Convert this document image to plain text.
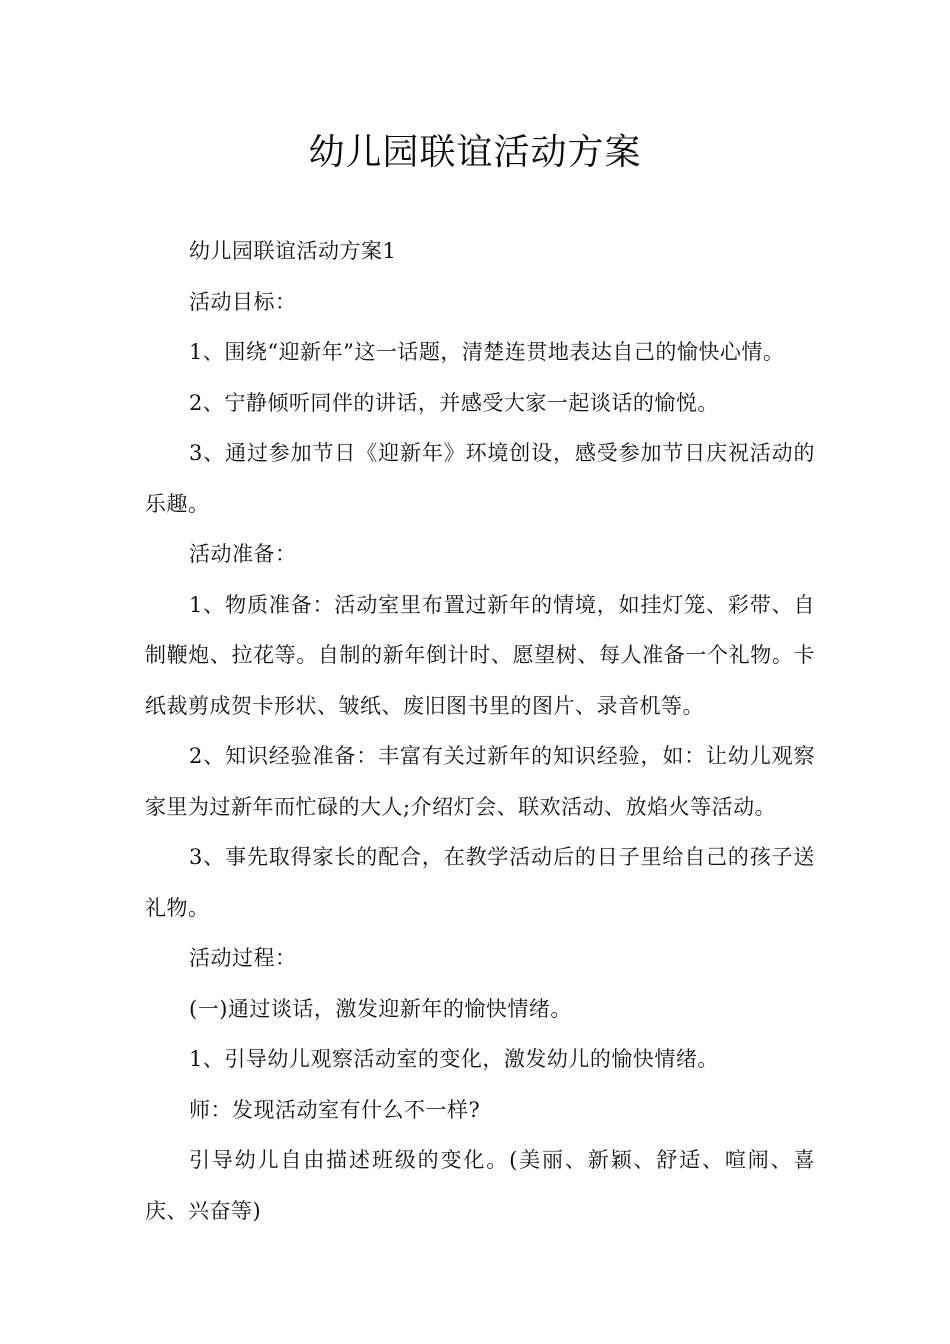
幼儿园联谊活动方案

幼儿园联谊活动方案1

活动目标：

1、围绕“迎新年”这一话题，清楚连贯地表达自己的愉快心情。

2、宁静倾听同伴的讲话，并感受大家一起谈话的愉悦。

3、通过参加节日《迎新年》环境创设，感受参加节日庆祝活动的乐趣。

活动准备：

1、物质准备：活动室里布置过新年的情境，如挂灯笼、彩带、自制鞭炮、拉花等。自制的新年倒计时、愿望树、每人准备一个礼物。卡纸裁剪成贺卡形状、皱纸、废旧图书里的图片、录音机等。

2、知识经验准备：丰富有关过新年的知识经验，如：让幼儿观察家里为过新年而忙碌的大人;介绍灯会、联欢活动、放焰火等活动。

3、事先取得家长的配合，在教学活动后的日子里给自己的孩子送礼物。

活动过程：

(一)通过谈话，激发迎新年的愉快情绪。

1、引导幼儿观察活动室的变化，激发幼儿的愉快情绪。

师：发现活动室有什么不一样?

引导幼儿自由描述班级的变化。(美丽、新颖、舒适、喧闹、喜庆、兴奋等)
